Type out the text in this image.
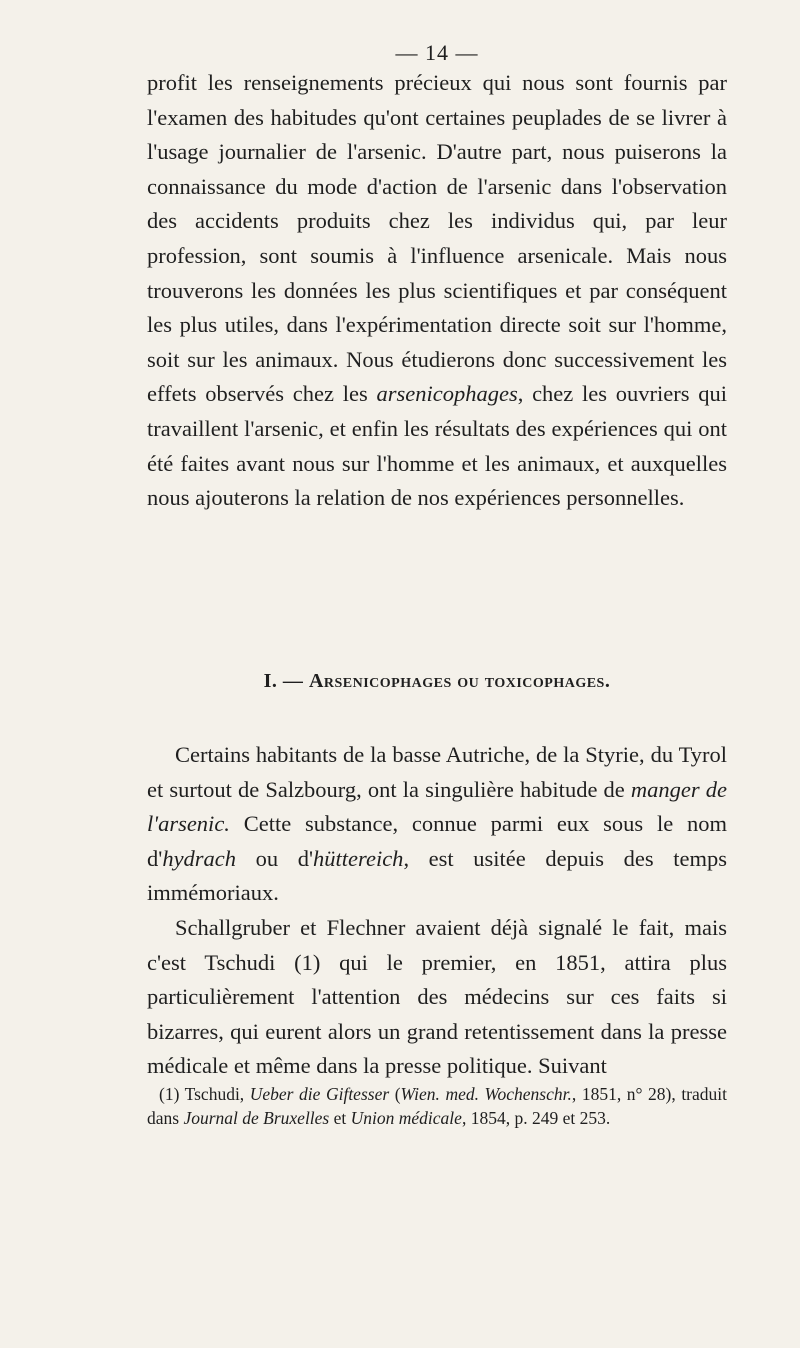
— 14 —

profit les renseignements précieux qui nous sont fournis par l'examen des habitudes qu'ont certaines peuplades de se livrer à l'usage journalier de l'arsenic. D'autre part, nous puiserons la connaissance du mode d'action de l'arsenic dans l'observation des accidents produits chez les individus qui, par leur profession, sont soumis à l'influence arsenicale. Mais nous trouverons les données les plus scientifiques et par conséquent les plus utiles, dans l'expérimentation directe soit sur l'homme, soit sur les animaux. Nous étudierons donc successivement les effets observés chez les arsenicophages, chez les ouvriers qui travaillent l'arsenic, et enfin les résultats des expériences qui ont été faites avant nous sur l'homme et les animaux, et auxquelles nous ajouterons la relation de nos expériences personnelles.

I. — Arsenicophages ou toxicophages.

Certains habitants de la basse Autriche, de la Styrie, du Tyrol et surtout de Salzbourg, ont la singulière habitude de manger de l'arsenic. Cette substance, connue parmi eux sous le nom d'hydrach ou d'hüttereich, est usitée depuis des temps immémoriaux.

Schallgruber et Flechner avaient déjà signalé le fait, mais c'est Tschudi (1) qui le premier, en 1851, attira plus particulièrement l'attention des médecins sur ces faits si bizarres, qui eurent alors un grand retentissement dans la presse médicale et même dans la presse politique. Suivant

(1) Tschudi, Ueber die Giftesser (Wien. med. Wochenschr., 1851, n° 28), traduit dans Journal de Bruxelles et Union médicale, 1854, p. 249 et 253.
